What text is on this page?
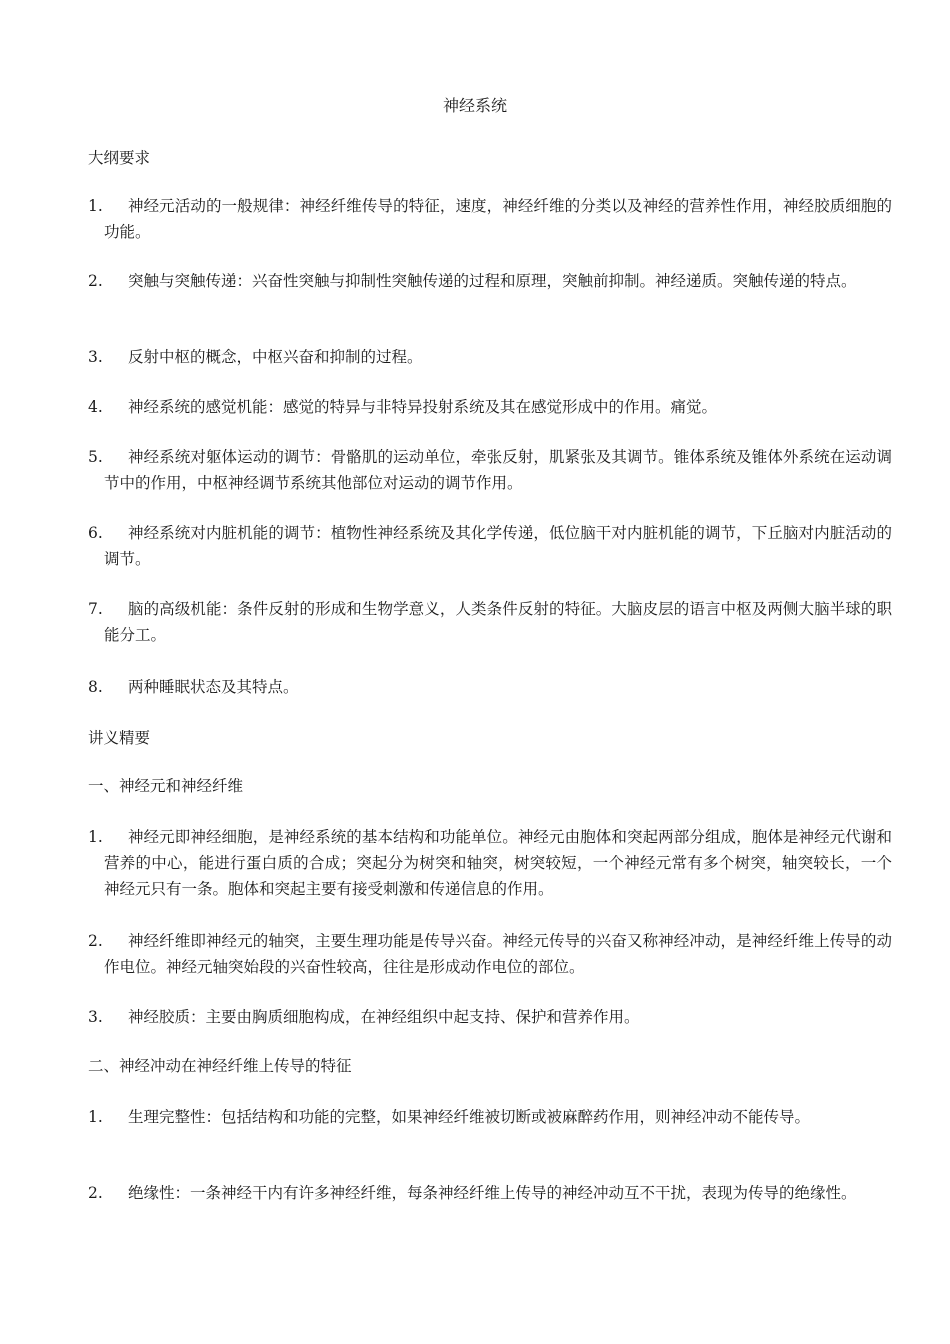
神经系统
大纲要求
1.	神经元活动的一般规律：神经纤维传导的特征，速度，神经纤维的分类以及神经的营养性作用，神经胶质细胞的功能。
2.	突触与突触传递：兴奋性突触与抑制性突触传递的过程和原理，突触前抑制。神经递质。突触传递的特点。
3.	反射中枢的概念，中枢兴奋和抑制的过程。
4.	神经系统的感觉机能：感觉的特异与非特异投射系统及其在感觉形成中的作用。痛觉。
5.	神经系统对躯体运动的调节：骨骼肌的运动单位，牵张反射，肌紧张及其调节。锥体系统及锥体外系统在运动调节中的作用，中枢神经调节系统其他部位对运动的调节作用。
6.	神经系统对内脏机能的调节：植物性神经系统及其化学传递，低位脑干对内脏机能的调节，下丘脑对内脏活动的调节。
7.	脑的高级机能：条件反射的形成和生物学意义，人类条件反射的特征。大脑皮层的语言中枢及两侧大脑半球的职能分工。
8.	两种睡眠状态及其特点。
讲义精要
一、神经元和神经纤维
1.	神经元即神经细胞，是神经系统的基本结构和功能单位。神经元由胞体和突起两部分组成，胞体是神经元代谢和营养的中心，能进行蛋白质的合成；突起分为树突和轴突，树突较短，一个神经元常有多个树突，轴突较长，一个神经元只有一条。胞体和突起主要有接受刺激和传递信息的作用。
2.	神经纤维即神经元的轴突，主要生理功能是传导兴奋。神经元传导的兴奋又称神经冲动，是神经纤维上传导的动作电位。神经元轴突始段的兴奋性较高，往往是形成动作电位的部位。
3.	神经胶质：主要由胸质细胞构成，在神经组织中起支持、保护和营养作用。
二、神经冲动在神经纤维上传导的特征
1.	生理完整性：包括结构和功能的完整，如果神经纤维被切断或被麻醉药作用，则神经冲动不能传导。
2.	绝缘性：一条神经干内有许多神经纤维，每条神经纤维上传导的神经冲动互不干扰，表现为传导的绝缘性。
